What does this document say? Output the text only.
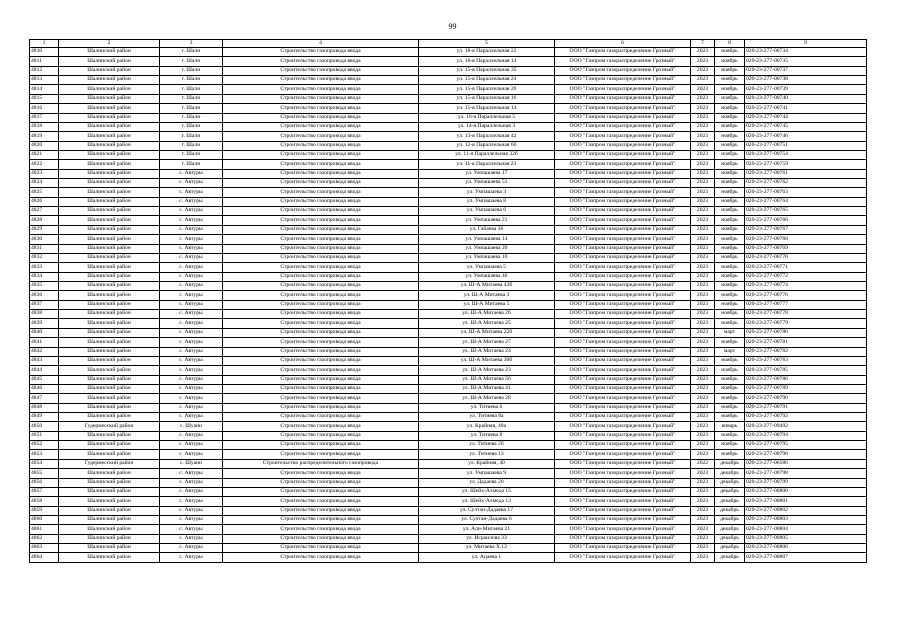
99
1	2	3	4	5	6	7	8	9
4810	Шалинский район	г. Шали	Строительство газопровода ввода	ул. 18-я Параллельная 22	ООО "Газпром газораспределение Грозный"	2023	ноябрь	020-23-277-00734
4811	Шалинский район	г. Шали	Строительство газопровода ввода	ул. 18-я Параллельная 14	ООО "Газпром газораспределение Грозный"	2023	ноябрь	020-23-277-00735
4812	Шалинский район	г. Шали	Строительство газопровода ввода	ул. 15-я Параллельная 35	ООО "Газпром газораспределение Грозный"	2023	ноябрь	020-23-277-00737
4813	Шалинский район	г. Шали	Строительство газопровода ввода	ул. 15-я Параллельная 24	ООО "Газпром газораспределение Грозный"	2023	ноябрь	020-23-277-00738
4814	Шалинский район	г. Шали	Строительство газопровода ввода	ул. 15-я Параллельная 26	ООО "Газпром газораспределение Грозный"	2023	ноябрь	020-23-277-00739
4815	Шалинский район	г. Шали	Строительство газопровода ввода	ул. 15-я Параллельная 16	ООО "Газпром газораспределение Грозный"	2023	ноябрь	020-23-277-00740
4816	Шалинский район	г. Шали	Строительство газопровода ввода	ул. 15-я Параллельная 14	ООО "Газпром газораспределение Грозный"	2023	ноябрь	020-23-277-00741
4817	Шалинский район	г. Шали	Строительство газопровода ввода	ул. 16-я Параллельная 5	ООО "Газпром газораспределение Грозный"	2023	ноябрь	020-23-277-00744
4818	Шалинский район	г. Шали	Строительство газопровода ввода	ул. 14-я Параллельная 3	ООО "Газпром газораспределение Грозный"	2023	ноябрь	020-23-277-00745
4819	Шалинский район	г. Шали	Строительство газопровода ввода	ул. 13-я Параллельная 42	ООО "Газпром газораспределение Грозный"	2023	ноябрь	020-23-277-00746
4820	Шалинский район	г. Шали	Строительство газопровода ввода	ул. 12-я Параллельная 60	ООО "Газпром газораспределение Грозный"	2023	ноябрь	020-23-277-00751
4821	Шалинский район	г. Шали	Строительство газопровода ввода	ул. 11-я Параллельная 32б	ООО "Газпром газораспределение Грозный"	2023	ноябрь	020-23-277-00754
4822	Шалинский район	г. Шали	Строительство газопровода ввода	ул. 11-я Параллельная 23	ООО "Газпром газораспределение Грозный"	2023	ноябрь	020-23-277-00759
4823	Шалинский район	с. Автуры	Строительство газопровода ввода	ул. Умпашаева 17	ООО "Газпром газораспределение Грозный"	2023	ноябрь	020-23-277-00761
4824	Шалинский район	с. Автуры	Строительство газопровода ввода	ул. Умпашаева 51	ООО "Газпром газораспределение Грозный"	2023	ноябрь	020-23-277-00762
4825	Шалинский район	с. Автуры	Строительство газопровода ввода	ул. Умпашаева 3	ООО "Газпром газораспределение Грозный"	2023	ноябрь	020-23-277-00763
4826	Шалинский район	с. Автуры	Строительство газопровода ввода	ул. Умпашаева 8	ООО "Газпром газораспределение Грозный"	2023	ноябрь	020-23-277-00764
4827	Шалинский район	с. Автуры	Строительство газопровода ввода	ул. Умпашаева 6	ООО "Газпром газораспределение Грозный"	2023	ноябрь	020-23-277-00765
4828	Шалинский район	с. Автуры	Строительство газопровода ввода	ул. Умпашаева 21	ООО "Газпром газораспределение Грозный"	2023	ноябрь	020-23-277-00766
4829	Шалинский район	с. Автуры	Строительство газопровода ввода	ул. Габаева 36	ООО "Газпром газораспределение Грозный"	2023	ноябрь	020-23-277-00767
4830	Шалинский район	с. Автуры	Строительство газопровода ввода	ул. Умпашаева 14	ООО "Газпром газораспределение Грозный"	2023	ноябрь	020-23-277-00768
4831	Шалинский район	с. Автуры	Строительство газопровода ввода	ул. Умпашаева 20	ООО "Газпром газораспределение Грозный"	2023	ноябрь	020-23-277-00769
4832	Шалинский район	с. Автуры	Строительство газопровода ввода	ул. Умпашаева 10	ООО "Газпром газораспределение Грозный"	2023	ноябрь	020-23-277-00770
4833	Шалинский район	с. Автуры	Строительство газопровода ввода	ул. Умпашаева 5	ООО "Газпром газораспределение Грозный"	2023	ноябрь	020-23-277-00771
4834	Шалинский район	с. Автуры	Строительство газопровода ввода	ул. Умпашаева 46	ООО "Газпром газораспределение Грозный"	2023	ноябрь	020-23-277-00772
4835	Шалинский район	с. Автуры	Строительство газопровода ввода	ул. Ш-А Митаева 43б	ООО "Газпром газораспределение Грозный"	2023	ноябрь	020-23-277-00774
4836	Шалинский район	с. Автуры	Строительство газопровода ввода	ул. Ш-А Митаева 3	ООО "Газпром газораспределение Грозный"	2023	ноябрь	020-23-277-00776
4837	Шалинский район	с. Автуры	Строительство газопровода ввода	ул. Ш-А Митаева 5	ООО "Газпром газораспределение Грозный"	2023	ноябрь	020-23-277-00777
4838	Шалинский район	с. Автуры	Строительство газопровода ввода	ул. Ш-А Митаева 26	ООО "Газпром газораспределение Грозный"	2023	ноябрь	020-23-277-00778
4839	Шалинский район	с. Автуры	Строительство газопровода ввода	ул. Ш-А Митаева 25	ООО "Газпром газораспределение Грозный"	2023	ноябрь	020-23-277-00779
4840	Шалинский район	с. Автуры	Строительство газопровода ввода	ул. Ш-А Митаева 22б	ООО "Газпром газораспределение Грозный"	2023	март	020-23-277-00780
4841	Шалинский район	с. Автуры	Строительство газопровода ввода	ул. Ш-А Митаева 27	ООО "Газпром газораспределение Грозный"	2023	ноябрь	020-23-277-00781
4842	Шалинский район	с. Автуры	Строительство газопровода ввода	ул. Ш-А Митаева 24	ООО "Газпром газораспределение Грозный"	2023	март	020-23-277-00782
4843	Шалинский район	с. Автуры	Строительство газопровода ввода	ул. Ш-А Митаева 30б	ООО "Газпром газораспределение Грозный"	2023	ноябрь	020-23-277-00783
4844	Шалинский район	с. Автуры	Строительство газопровода ввода	ул. Ш-А Митаева 23	ООО "Газпром газораспределение Грозный"	2023	ноябрь	020-23-277-00785
4845	Шалинский район	с. Автуры	Строительство газопровода ввода	ул. Ш-А Митаева 56	ООО "Газпром газораспределение Грозный"	2023	ноябрь	020-23-277-00786
4846	Шалинский район	с. Автуры	Строительство газопровода ввода	ул. Ш-А Митаева 41	ООО "Газпром газораспределение Грозный"	2023	ноябрь	020-23-277-00789
4847	Шалинский район	с. Автуры	Строительство газопровода ввода	ул. Ш-А Митаева 28	ООО "Газпром газораспределение Грозный"	2023	ноябрь	020-23-277-00790
4848	Шалинский район	с. Автуры	Строительство газопровода ввода	ул. Титиева 6	ООО "Газпром газораспределение Грозный"	2023	ноябрь	020-23-277-00791
4849	Шалинский район	с. Автуры	Строительство газопровода ввода	ул. Титиева 8а	ООО "Газпром газораспределение Грозный"	2023	ноябрь	020-23-277-00792
4850	Гудермесский район	с. Шуани	Строительство газопровода ввода	ул. Крайняя, 40а	ООО "Газпром газораспределение Грозный"	2023	январь	020-23-277-09492
4851	Шалинский район	с. Автуры	Строительство газопровода ввода	ул. Титиева 8	ООО "Газпром газораспределение Грозный"	2023	ноябрь	020-23-277-00794
4852	Шалинский район	с. Автуры	Строительство газопровода ввода	ул. Титиева 2б	ООО "Газпром газораспределение Грозный"	2023	ноябрь	020-23-277-00795
4853	Шалинский район	с. Автуры	Строительство газопровода ввода	ул. Титиева 13	ООО "Газпром газораспределение Грозный"	2023	ноябрь	020-23-277-00796
4854	Гудермесский район	с. Шуани	Строительство распределительного газопровода	ул. Крайняя, 40	ООО "Газпром газораспределение Грозный"	2022	декабрь	020-23-277-06586
4855	Шалинский район	с. Автуры	Строительство газопровода ввода	ул. Умпашаева 9	ООО "Газпром газораспределение Грозный"	2023	декабрь	020-23-277-00798
4856	Шалинский район	с. Автуры	Строительство газопровода ввода	ул. Дадаева 20	ООО "Газпром газораспределение Грозный"	2023	декабрь	020-23-277-00799
4857	Шалинский район	с. Автуры	Строительство газопровода ввода	ул. Шейх-Ахмеда 15	ООО "Газпром газораспределение Грозный"	2023	декабрь	020-23-277-00800
4858	Шалинский район	с. Автуры	Строительство газопровода ввода	ул. Шейх-Ахмеда 13	ООО "Газпром газораспределение Грозный"	2023	декабрь	020-23-277-00801
4859	Шалинский район	с. Автуры	Строительство газопровода ввода	ул. Султан-Дадаева 17	ООО "Газпром газораспределение Грозный"	2023	декабрь	020-23-277-00802
4860	Шалинский район	с. Автуры	Строительство газопровода ввода	ул. Султан-Дадаева 6	ООО "Газпром газораспределение Грозный"	2023	декабрь	020-23-277-00803
4861	Шалинский район	с. Автуры	Строительство газопровода ввода	ул. Али-Митаева 21	ООО "Газпром газораспределение Грозный"	2023	декабрь	020-23-277-00804
4862	Шалинский район	с. Автуры	Строительство газопровода ввода	ул. Исраилова 33	ООО "Газпром газораспределение Грозный"	2023	декабрь	020-23-277-00805
4863	Шалинский район	с. Автуры	Строительство газопровода ввода	ул. Митаева Х.12	ООО "Газпром газораспределение Грозный"	2023	декабрь	020-23-277-00806
4864	Шалинский район	с. Автуры	Строительство газопровода ввода	ул. Ацаева 1	ООО "Газпром газораспределение Грозный"	2023	декабрь	020-23-277-00807
